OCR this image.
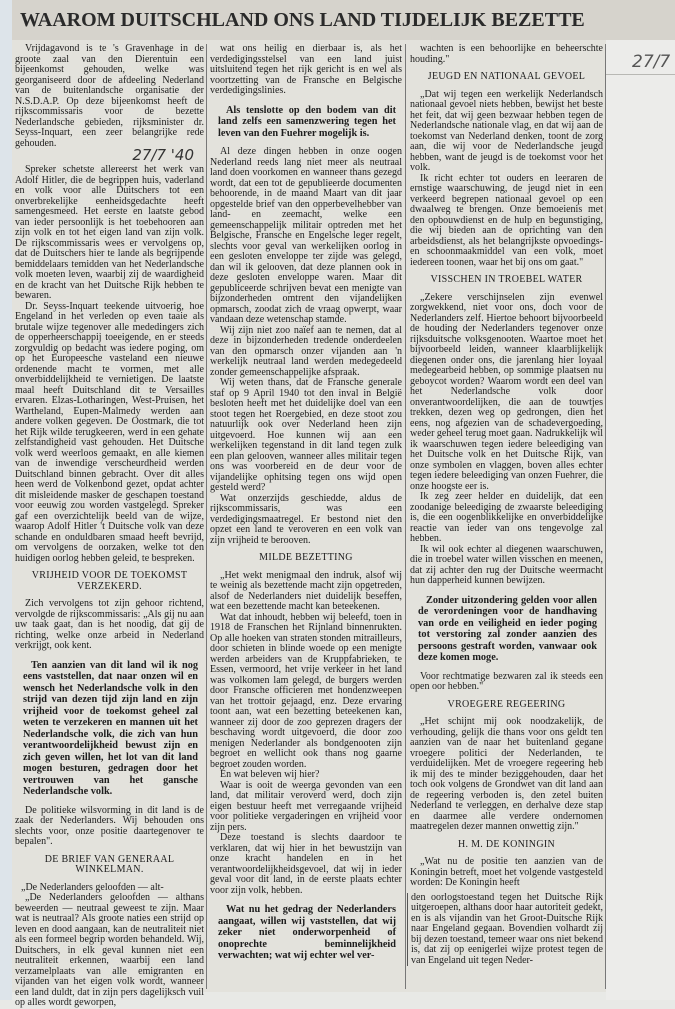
WAAROM DUITSCHLAND ONS LAND TIJDELIJK BEZETTE
27/7

Vrijdagavond is te 's Gravenhage in de groote zaal van den Dierentuin een bijeenkomst gehouden, welke was georganiseerd door de afdeeling Nederland van de buitenlandsche organisatie der N.S.D.A.P. Op deze bijeenkomst heeft de rijkscommissaris voor de bezette Nederlandsche gebieden, rijksminister dr. Seyss-Inquart, een zeer belangrijke rede gehouden.

27/7 '40

Spreker schetste allereerst het werk van Adolf Hitler, die de begrippen huis, vaderland en volk voor alle Duitschers tot een onverbrekelijke eenheidsgedachte heeft samengesmeed. Het eerste en laatste gebod van ieder persoonlijk is het toebehooren aan zijn volk en tot het eigen land van zijn volk. De rijkscommissaris wees er vervolgens op, dat de Duitschers hier te lande als begrijpende bemiddelaars temidden van het Nederlandsche volk moeten leven, waarbij zij de waardigheid en de kracht van het Duitsche Rijk hebben te bewaren.

Dr. Seyss-Inquart teekende uitvoerig, hoe Engeland in het verleden op even taaie als brutale wijze tegenover alle mededingers zich de opperheerschappij toeeigende, en er steeds zorgvuldig op bedacht was iedere poging, om op het Europeesche vasteland een nieuwe ordenende macht te vormen, met alle onverbiddelijkheid te vernietigen. De laatste maal heeft Duitschland dit te Versailles ervaren. Elzas-Lotharingen, West-Pruisen, het Wartheland, Eupen-Malmedy werden aan andere volken gegeven. De Oostmark, die tot het Rijk wilde terugkeeren, werd in een gehate zelfstandigheid vast gehouden. Het Duitsche volk werd weerloos gemaakt, en alle kiemen van de inwendige verscheurdheid werden Duitschland binnen gebracht. Over dit alles heen werd de Volkenbond gezet, opdat achter dit misleidende masker de geschapen toestand voor eeuwig zou worden vastgelegd. Spreker gaf een overzichtelijk beeld van de wijze, waarop Adolf Hitler 't Duitsche volk van deze schande en onduldbaren smaad heeft bevrijd, om vervolgens de oorzaken, welke tot den huidigen oorlog hebben geleid, te bespreken.

VRIJHEID VOOR DE TOEKOMST VERZEKERD.

Zich vervolgens tot zijn gehoor richtend, vervolgde de rijkscommissaris: „Als gij nu aan uw taak gaat, dan is het noodig, dat gij de richting, welke onze arbeid in Nederland verkrijgt, ook kent.

Ten aanzien van dit land wil ik nog eens vaststellen, dat naar onzen wil en wensch het Nederlandsche volk in den strijd van dezen tijd zijn land en zijn vrijheid voor de toekomst geheel zal weten te verzekeren en mannen uit het Nederlandsche volk, die zich van hun verantwoordelijkheid bewust zijn en zich geven willen, het lot van dit land mogen besturen, gedragen door het vertrouwen van het gansche Nederlandsche volk.

De politieke wilsvorming in dit land is de zaak der Nederlanders. Wij behouden ons slechts voor, onze positie daartegenover te bepalen".

DE BRIEF VAN GENERAAL WINKELMAN.

„De Nederlanders geloofden — alt-

„De Nederlanders geloofden — althans beweerden — neutraal geweest te zijn. Maar wat is neutraal? Als groote naties een strijd op leven en dood aangaan, kan de neutraliteit niet als een formeel begrip worden behandeld. Wij, Duitschers, in elk geval kunnen niet een neutraliteit erkennen, waarbij een land verzamelplaats van alle emigranten en vijanden van het eigen volk wordt, wanneer een land duldt, dat in zijn pers dagelijksch vuil op alles wordt geworpen,

wat ons heilig en dierbaar is, als het verdedigingsstelsel van een land juist uitsluitend tegen het rijk gericht is en wel als voortzetting van de Fransche en Belgische verdedigingslinies.

Als tenslotte op den bodem van dit land zelfs een samenzwering tegen het leven van den Fuehrer mogelijk is.

Al deze dingen hebben in onze oogen Nederland reeds lang niet meer als neutraal land doen voorkomen en wanneer thans gezegd wordt, dat een tot de gepublieerde documenten behoorende, in de maand Maart van dit jaar opgestelde brief van den opperbevelhebber van land- en zeemacht, welke een gemeenschappelijk militair optreden met het Belgische, Fransche en Engelsche leger regelt, slechts voor geval van werkelijken oorlog in een gesloten enveloppe ter zijde was gelegd, dan wil ik gelooven, dat deze plannen ook in deze gesloten enveloppe waren. Maar dit gepubliceerde schrijven bevat een menigte van bijzonderheden omtrent den vijandelijken opmarsch, zoodat zich de vraag opwerpt, waar vandaan deze wetenschap stamde.

Wij zijn niet zoo naïef aan te nemen, dat al deze in bijzonderheden tredende onderdeelen van den opmarsch onzer vijanden aan 'n werkelijk neutraal land werden medegedeeld zonder gemeenschappelijke afspraak.

Wij weten thans, dat de Fransche generale staf op 9 April 1940 tot den inval in België besloten heeft met het duidelijke doel van een stoot tegen het Roergebied, en deze stoot zou natuurlijk ook over Nederland heen zijn uitgevoerd. Hoe kunnen wij aan een werkelijken tegenstand in dit land tegen zulk een plan gelooven, wanneer alles militair tegen ons was voorbereid en de deur voor de vijandelijke ophitsing tegen ons wijd open gesteld werd?

Wat onzerzijds geschiedde, aldus de rijkscommissaris, was een verdedigingsmaatregel. Er bestond niet den opzet een land te veroveren en een volk van zijn vrijheid te berooven.

MILDE BEZETTING

„Het wekt menigmaal den indruk, alsof wij te weinig als bezettende macht zijn opgetreden, alsof de Nederlanders niet duidelijk beseffen, wat een bezettende macht kan beteekenen.

Wat dat inhoudt, hebben wij beleefd, toen in 1918 de Franschen het Rijnland binnenrukten. Op alle hoeken van straten stonden mitrailleurs, door schieten in blinde woede op een menigte werden arbeiders van de Kruppfabrieken, te Essen, vermoord, het vrije verkeer in het land was volkomen lam gelegd, de burgers werden door Fransche officieren met hondenzweepen van het trottoir gejaagd, enz. Deze ervaring toont aan, wat een bezetting beteekenen kan, wanneer zij door de zoo geprezen dragers der beschaving wordt uitgevoerd, die door zoo menigen Nederlander als bondgenooten zijn begroet en wellicht ook thans nog gaarne begroet zouden worden.

En wat beleven wij hier?

Waar is ooit de weerga gevonden van een land, dat militair veroverd werd, doch zijn eigen bestuur heeft met verregaande vrijheid voor politieke vergaderingen en vrijheid voor zijn pers.

Deze toestand is slechts daardoor te verklaren, dat wij hier in het bewustzijn van onze kracht handelen en in het verantwoordelijkheidsgevoel, dat wij in ieder geval voor dit land, in de eerste plaats echter voor zijn volk, hebben.

Wat nu het gedrag der Nederlanders aangaat, willen wij vaststellen, dat wij zeker niet onderworpenheid of onoprechte beminnelijkheid verwachten; wat wij echter wel ver-

wachten is een behoorlijke en beheerschte houding."

JEUGD EN NATIONAAL GEVOEL

„Dat wij tegen een werkelijk Nederlandsch nationaal gevoel niets hebben, bewijst het beste het feit, dat wij geen bezwaar hebben tegen de Nederlandsche nationale vlag, en dat wij aan de toekomst van Nederland denken, toont de zorg aan, die wij voor de Nederlandsche jeugd hebben, want de jeugd is de toekomst voor het volk.

Ik richt echter tot ouders en leeraren de ernstige waarschuwing, de jeugd niet in een verkeerd begrepen nationaal gevoel op een dwaalweg te brengen. Onze bemoeienis met den opbouwdienst en de hulp en begunstiging, die wij bieden aan de oprichting van den arbeidsdienst, als het belangrijkste opvoedings- en schoonmaakmiddel van een volk, moet iedereen toonen, waar het bij ons om gaat."

VISSCHEN IN TROEBEL WATER

„Zekere verschijnselen zijn evenwel zorgwekkend, niet voor ons, doch voor de Nederlanders zelf. Hiertoe behoort bijvoorbeeld de houding der Nederlanders tegenover onze rijksduitsche volksgenooten. Waartoe moet het bijvoorbeeld leiden, wanneer klaarblijkelijk diegenen onder ons, die jarenlang hier loyaal medegearbeid hebben, op sommige plaatsen nu geboycot worden? Waarom wordt een deel van het Nederlandsche volk door onverantwoordelijken, die aan de touwtjes trekken, dezen weg op gedrongen, dien het eens, nog afgezien van de schadevergoeding, weder geheel terug moet gaan. Nadrukkelijk wil ik waarschuwen tegen iedere beleediging van het Duitsche volk en het Duitsche Rijk, van onze symbolen en vlaggen, boven alles echter tegen iedere beleediging van onzen Fuehrer, die onze hoogste eer is.

Ik zeg zeer helder en duidelijk, dat een zoodanige beleediging de zwaarste beleediging is, die een oogenblikkelijke en onverbiddelijke reactie van ieder van ons tengevolge zal hebben.

Ik wil ook echter al diegenen waarschuwen, die in troebel water willen visschen en meenen, dat zij achter den rug der Duitsche weermacht hun dapperheid kunnen bewijzen.

Zonder uitzondering gelden voor allen de verordeningen voor de handhaving van orde en veiligheid en ieder poging tot verstoring zal zonder aanzien des persoons gestraft worden, vanwaar ook deze komen moge.

Voor rechtmatige bezwaren zal ik steeds een open oor hebben."

VROEGERE REGEERING

„Het schijnt mij ook noodzakelijk, de verhouding, gelijk die thans voor ons geldt ten aanzien van de naar het buitenland gegane vroegere politici der Nederlanden, te verduidelijken. Met de vroegere regeering heb ik mij des te minder beziggehouden, daar het toch ook volgens de Grondwet van dit land aan de regeering verboden is, den zetel buiten Nederland te verleggen, en derhalve deze stap en daarmee alle verdere ondernomen maatregelen dezer mannen onwettig zijn."

H. M. DE KONINGIN

„Wat nu de positie ten aanzien van de Koningin betreft, moet het volgende vastgesteld worden: De Koningin heeft

den oorlogstoestand tegen het Duitsche Rijk uitgeroepen, althans door haar autoriteit gedekt, en is als vijandin van het Groot-Duitsche Rijk naar Engeland gegaan. Bovendien volhardt zij bij dezen toestand, temeer waar ons niet bekend is, dat zij op eenigerlei wijze protest tegen de van Engeland uit tegen Neder-
